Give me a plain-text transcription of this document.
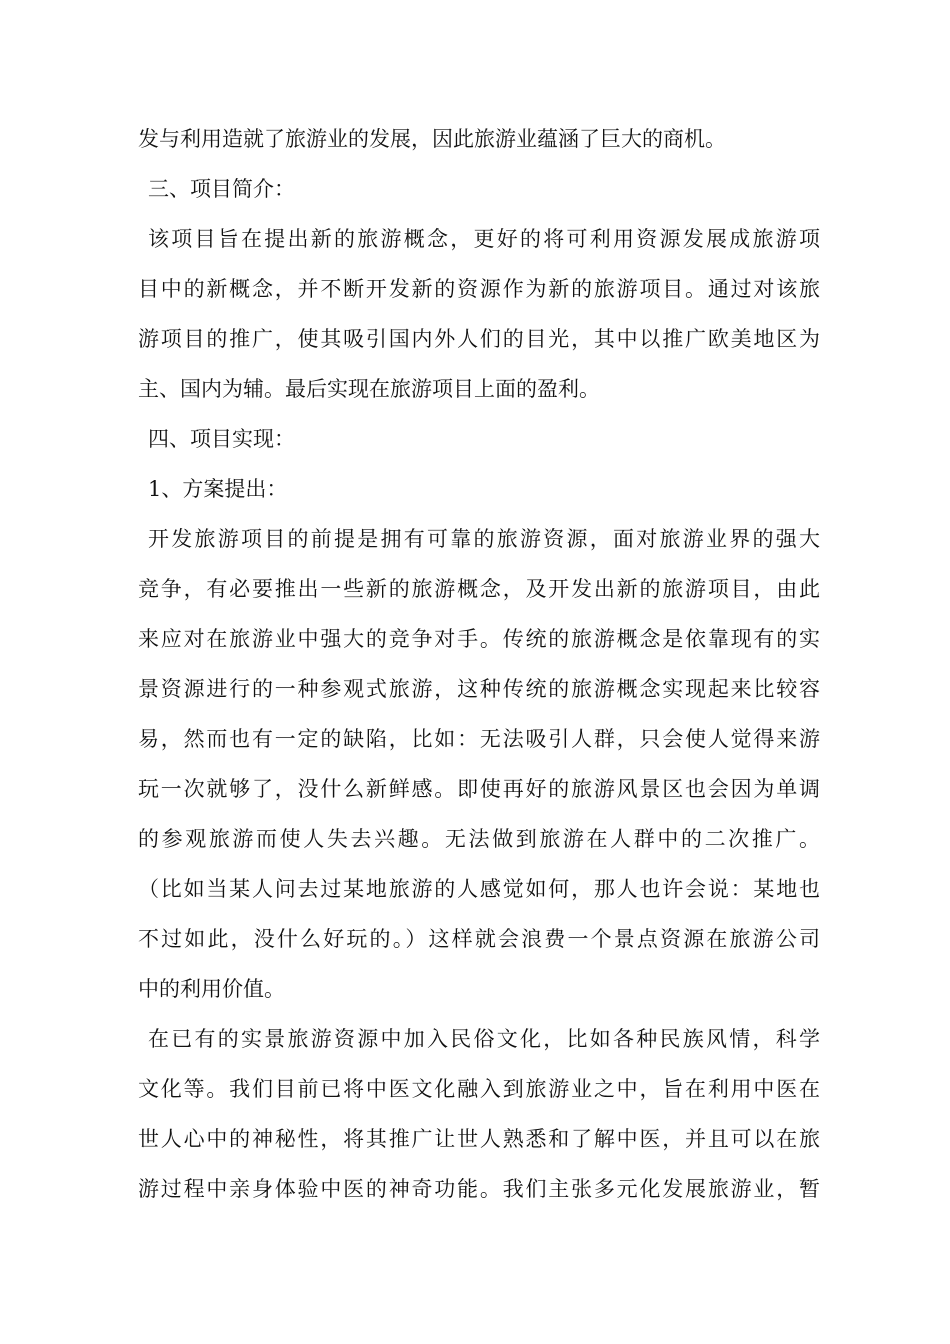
发与利用造就了旅游业的发展，因此旅游业蕴涵了巨大的商机。
三、项目简介：
该项目旨在提出新的旅游概念，更好的将可利用资源发展成旅游项
目中的新概念，并不断开发新的资源作为新的旅游项目。通过对该旅
游项目的推广，使其吸引国内外人们的目光，其中以推广欧美地区为
主、国内为辅。最后实现在旅游项目上面的盈利。
四、项目实现：
1、方案提出：
开发旅游项目的前提是拥有可靠的旅游资源，面对旅游业界的强大
竞争，有必要推出一些新的旅游概念，及开发出新的旅游项目，由此
来应对在旅游业中强大的竞争对手。传统的旅游概念是依靠现有的实
景资源进行的一种参观式旅游，这种传统的旅游概念实现起来比较容
易，然而也有一定的缺陷，比如：无法吸引人群，只会使人觉得来游
玩一次就够了，没什么新鲜感。即使再好的旅游风景区也会因为单调
的参观旅游而使人失去兴趣。无法做到旅游在人群中的二次推广。
（比如当某人问去过某地旅游的人感觉如何，那人也许会说：某地也
不过如此，没什么好玩的。）这样就会浪费一个景点资源在旅游公司
中的利用价值。
在已有的实景旅游资源中加入民俗文化，比如各种民族风情，科学
文化等。我们目前已将中医文化融入到旅游业之中，旨在利用中医在
世人心中的神秘性，将其推广让世人熟悉和了解中医，并且可以在旅
游过程中亲身体验中医的神奇功能。我们主张多元化发展旅游业，暂
